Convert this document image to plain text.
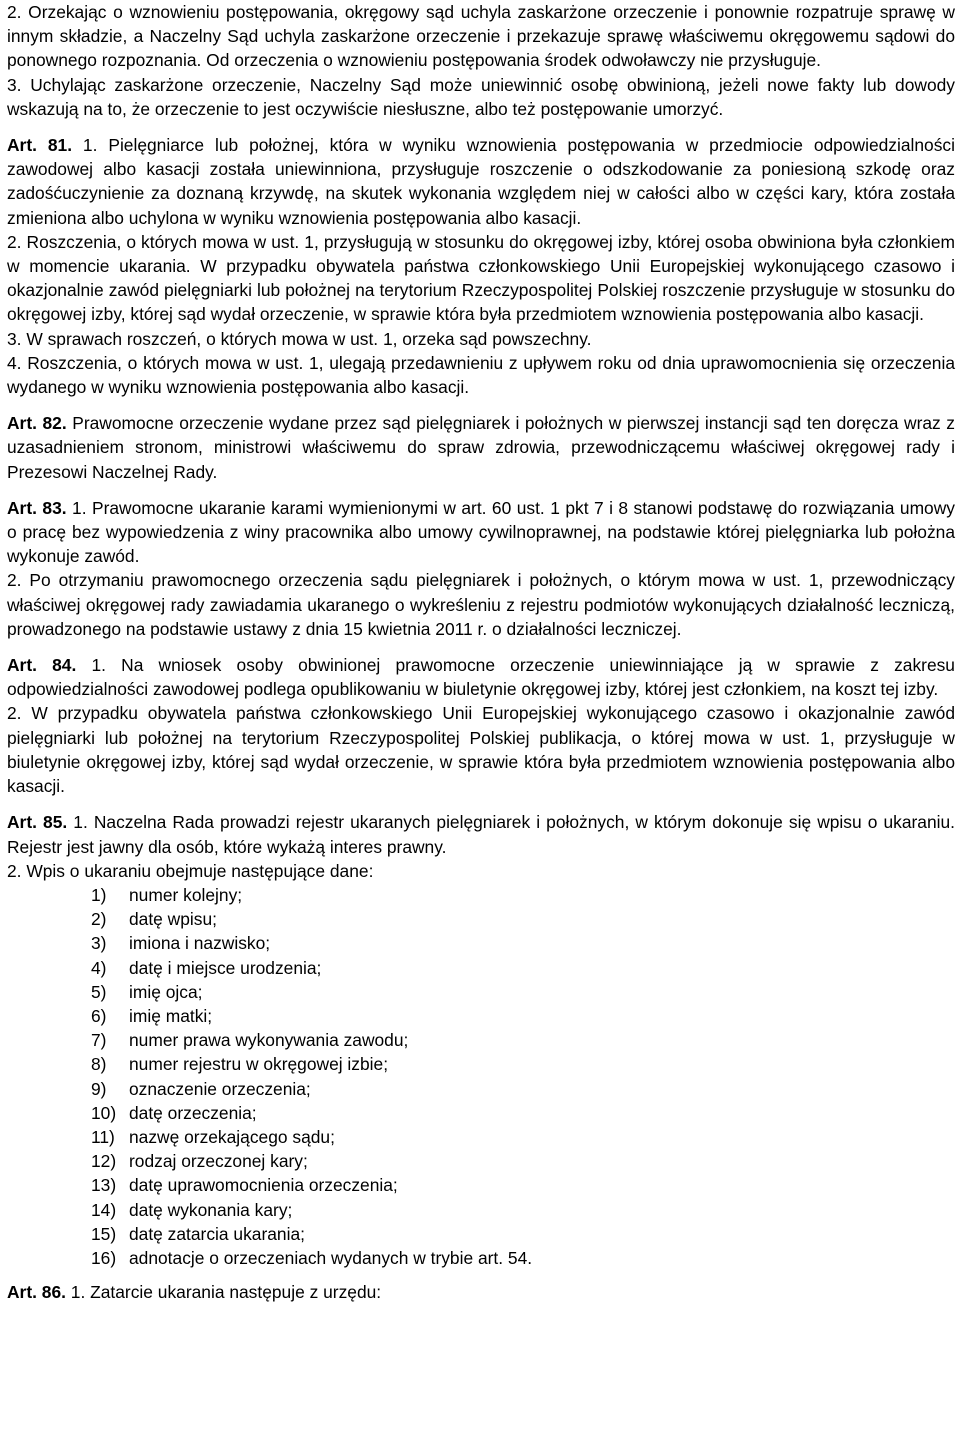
2. Orzekając o wznowieniu postępowania, okręgowy sąd uchyla zaskarżone orzeczenie i ponownie rozpatruje sprawę w innym składzie, a Naczelny Sąd uchyla zaskarżone orzeczenie i przekazuje sprawę właściwemu okręgowemu sądowi do ponownego rozpoznania. Od orzeczenia o wznowieniu postępowania środek odwoławczy nie przysługuje.

3. Uchylając zaskarżone orzeczenie, Naczelny Sąd może uniewinnić osobę obwinioną, jeżeli nowe fakty lub dowody wskazują na to, że orzeczenie to jest oczywiście niesłuszne, albo też postępowanie umorzyć.

Art. 81. 1. Pielęgniarce lub położnej, która w wyniku wznowienia postępowania w przedmiocie odpowiedzialności zawodowej albo kasacji została uniewinniona, przysługuje roszczenie o odszkodowanie za poniesioną szkodę oraz zadośćuczynienie za doznaną krzywdę, na skutek wykonania względem niej w całości albo w części kary, która została zmieniona albo uchylona w wyniku wznowienia postępowania albo kasacji.

2. Roszczenia, o których mowa w ust. 1, przysługują w stosunku do okręgowej izby, której osoba obwiniona była członkiem w momencie ukarania. W przypadku obywatela państwa członkowskiego Unii Europejskiej wykonującego czasowo i okazjonalnie zawód pielęgniarki lub położnej na terytorium Rzeczypospolitej Polskiej roszczenie przysługuje w stosunku do okręgowej izby, której sąd wydał orzeczenie, w sprawie która była przedmiotem wznowienia postępowania albo kasacji.

3. W sprawach roszczeń, o których mowa w ust. 1, orzeka sąd powszechny.

4. Roszczenia, o których mowa w ust. 1, ulegają przedawnieniu z upływem roku od dnia uprawomocnienia się orzeczenia wydanego w wyniku wznowienia postępowania albo kasacji.

Art. 82. Prawomocne orzeczenie wydane przez sąd pielęgniarek i położnych w pierwszej instancji sąd ten doręcza wraz z uzasadnieniem stronom, ministrowi właściwemu do spraw zdrowia, przewodniczącemu właściwej okręgowej rady i Prezesowi Naczelnej Rady.

Art. 83. 1. Prawomocne ukaranie karami wymienionymi w art. 60 ust. 1 pkt 7 i 8 stanowi podstawę do rozwiązania umowy o pracę bez wypowiedzenia z winy pracownika albo umowy cywilnoprawnej, na podstawie której pielęgniarka lub położna wykonuje zawód.

2. Po otrzymaniu prawomocnego orzeczenia sądu pielęgniarek i położnych, o którym mowa w ust. 1, przewodniczący właściwej okręgowej rady zawiadamia ukaranego o wykreśleniu z rejestru podmiotów wykonujących działalność leczniczą, prowadzonego na podstawie ustawy z dnia 15 kwietnia 2011 r. o działalności leczniczej.

Art. 84. 1. Na wniosek osoby obwinionej prawomocne orzeczenie uniewinniające ją w sprawie z zakresu odpowiedzialności zawodowej podlega opublikowaniu w biuletynie okręgowej izby, której jest członkiem, na koszt tej izby.

2. W przypadku obywatela państwa członkowskiego Unii Europejskiej wykonującego czasowo i okazjonalnie zawód pielęgniarki lub położnej na terytorium Rzeczypospolitej Polskiej publikacja, o której mowa w ust. 1, przysługuje w biuletynie okręgowej izby, której sąd wydał orzeczenie, w sprawie która była przedmiotem wznowienia postępowania albo kasacji.

Art. 85. 1. Naczelna Rada prowadzi rejestr ukaranych pielęgniarek i położnych, w którym dokonuje się wpisu o ukaraniu. Rejestr jest jawny dla osób, które wykażą interes prawny.

2. Wpis o ukaraniu obejmuje następujące dane:

1)	numer kolejny;
2)	datę wpisu;
3)	imiona i nazwisko;
4)	datę i miejsce urodzenia;
5)	imię ojca;
6)	imię matki;
7)	numer prawa wykonywania zawodu;
8)	numer rejestru w okręgowej izbie;
9)	oznaczenie orzeczenia;
10) datę orzeczenia;
11) nazwę orzekającego sądu;
12) rodzaj orzeczonej kary;
13) datę uprawomocnienia orzeczenia;
14) datę wykonania kary;
15) datę zatarcia ukarania;
16) adnotacje o orzeczeniach wydanych w trybie art. 54.

Art. 86. 1. Zatarcie ukarania następuje z urzędu:
